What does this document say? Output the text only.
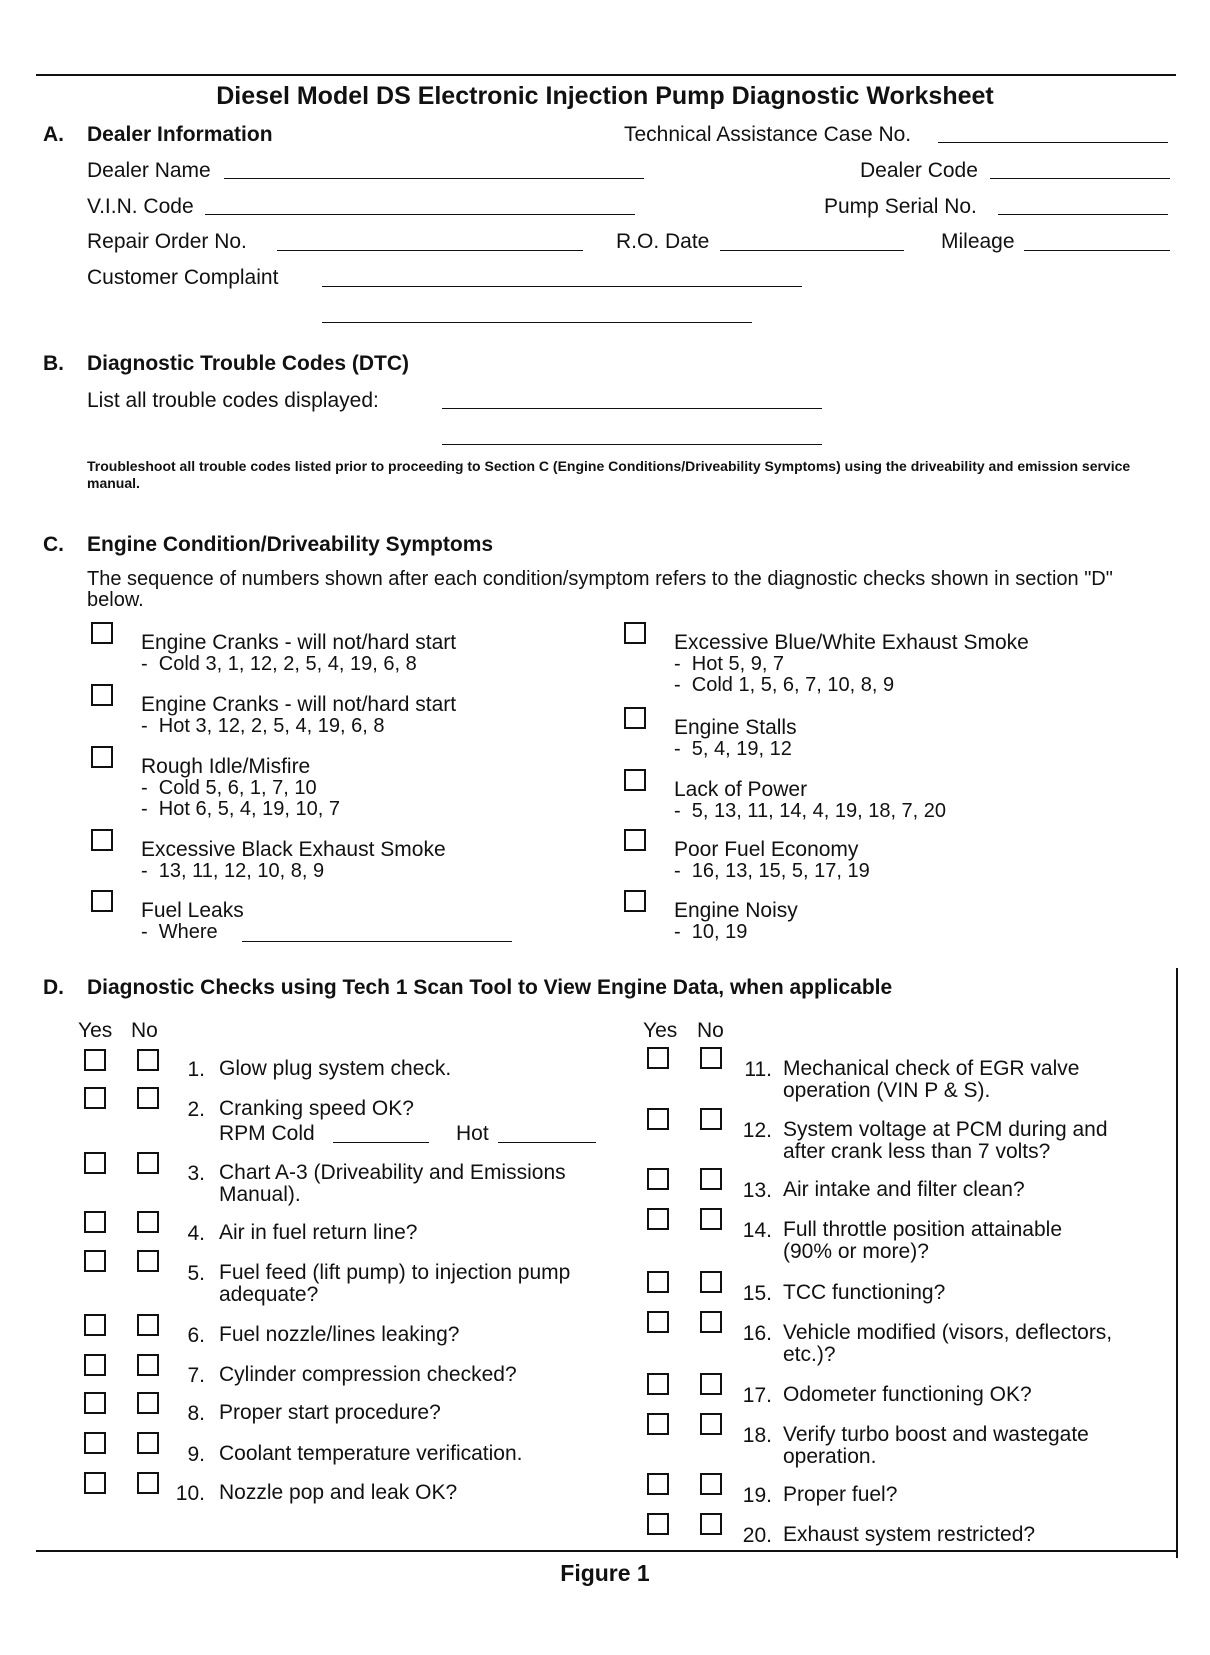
Diesel Model DS Electronic Injection Pump Diagnostic Worksheet
A. Dealer Information	Technical Assistance Case No.
Dealer Name	Dealer Code
V.I.N. Code	Pump Serial No.
Repair Order No.	R.O. Date	Mileage
Customer Complaint
B. Diagnostic Trouble Codes (DTC)
List all trouble codes displayed:
Troubleshoot all trouble codes listed prior to proceeding to Section C (Engine Conditions/Driveability Symptoms) using the driveability and emission service manual.
C. Engine Condition/Driveability Symptoms
The sequence of numbers shown after each condition/symptom refers to the diagnostic checks shown in section "D" below.
Engine Cranks - will not/hard start
-  Cold 3, 1, 12, 2, 5, 4, 19, 6, 8
Engine Cranks - will not/hard start
-  Hot 3, 12, 2, 5, 4, 19, 6, 8
Rough Idle/Misfire
-  Cold 5, 6, 1, 7, 10
-  Hot 6, 5, 4, 19, 10, 7
Excessive Black Exhaust Smoke
-  13, 11, 12, 10, 8, 9
Fuel Leaks
-  Where
Excessive Blue/White Exhaust Smoke
-  Hot 5, 9, 7
-  Cold 1, 5, 6, 7, 10, 8, 9
Engine Stalls
-  5, 4, 19, 12
Lack of Power
-  5, 13, 11, 14, 4, 19, 18, 7, 20
Poor Fuel Economy
-  16, 13, 15, 5, 17, 19
Engine Noisy
-  10, 19
D. Diagnostic Checks using Tech 1 Scan Tool to View Engine Data, when applicable
Yes No	Yes No
1. Glow plug system check.
2. Cranking speed OK?
RPM Cold	Hot
3. Chart A-3 (Driveability and Emissions
Manual).
4. Air in fuel return line?
5. Fuel feed (lift pump) to injection pump
adequate?
6. Fuel nozzle/lines leaking?
7. Cylinder compression checked?
8. Proper start procedure?
9. Coolant temperature verification.
10. Nozzle pop and leak OK?
11. Mechanical check of EGR valve
operation (VIN P & S).
12. System voltage at PCM during and
after crank less than 7 volts?
13. Air intake and filter clean?
14. Full throttle position attainable
(90% or more)?
15. TCC functioning?
16. Vehicle modified (visors, deflectors,
etc.)?
17. Odometer functioning OK?
18. Verify turbo boost and wastegate
operation.
19. Proper fuel?
20. Exhaust system restricted?
Figure 1
